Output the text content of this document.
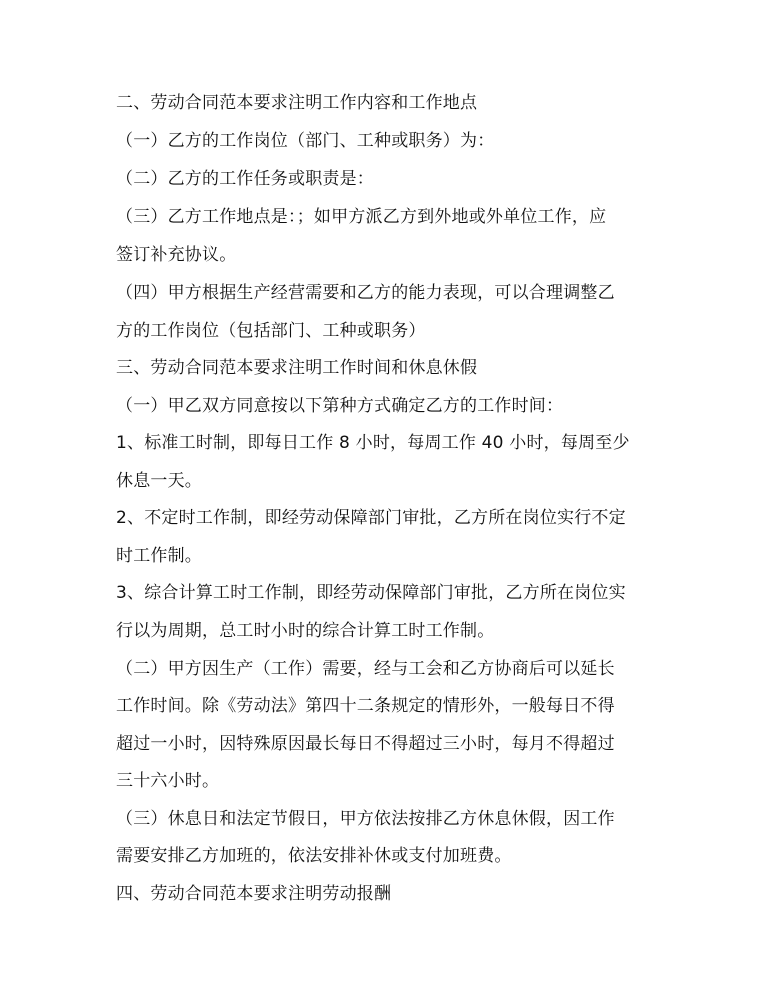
二、劳动合同范本要求注明工作内容和工作地点
（一）乙方的工作岗位（部门、工种或职务）为：
（二）乙方的工作任务或职责是：
（三）乙方工作地点是：；如甲方派乙方到外地或外单位工作，应
签订补充协议。
（四）甲方根据生产经营需要和乙方的能力表现，可以合理调整乙
方的工作岗位（包括部门、工种或职务）
三、劳动合同范本要求注明工作时间和休息休假
（一）甲乙双方同意按以下第种方式确定乙方的工作时间：
1、标准工时制，即每日工作 8 小时，每周工作 40 小时，每周至少
休息一天。
2、不定时工作制，即经劳动保障部门审批，乙方所在岗位实行不定
时工作制。
3、综合计算工时工作制，即经劳动保障部门审批，乙方所在岗位实
行以为周期，总工时小时的综合计算工时工作制。
（二）甲方因生产（工作）需要，经与工会和乙方协商后可以延长
工作时间。除《劳动法》第四十二条规定的情形外，一般每日不得
超过一小时，因特殊原因最长每日不得超过三小时，每月不得超过
三十六小时。
（三）休息日和法定节假日，甲方依法按排乙方休息休假，因工作
需要安排乙方加班的，依法安排补休或支付加班费。
四、劳动合同范本要求注明劳动报酬
